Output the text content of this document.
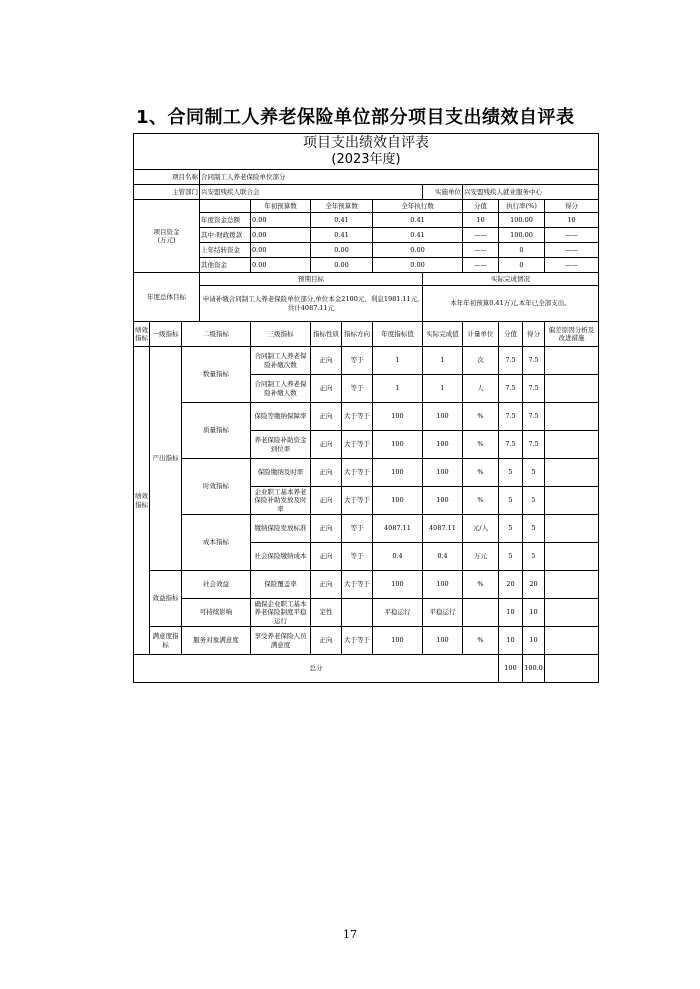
1、合同制工人养老保险单位部分项目支出绩效自评表
项目支出绩效自评表
(2023年度)												

项目名称			合同制工人养老保险单位部分									
主管部门			兴安盟残疾人联合会					实施单位	兴安盟残疾人就业服务中心			
项目资金
(万元)				年初预算数	全年预算数		全年执行数		分值	执行率(%)		得分
			年度资金总额	0.00	0.41		0.41		10	100.00		10
			其中:财政拨款	0.00	0.41		0.41		——	100.00		——
			上年结转资金	0.00	0.00		0.00		——	0		——
			其他资金	0.00	0.00		0.00		——	0		——
年度总体目标			预期目标					实际完成情况				
			申请补缴合同制工人养老保险单位部分,单位本金2100元、利息1981.11元,共计4087.11元					本年年初预算0.41万元,本年已全部支出。				
绩效指标	一级指标	二级指标		三级指标	指标性质	指标方向	年度指标值	实际完成值	计量单位	分值	得分	偏差原因分析及改进措施
绩效指标	产出指标	数量指标		合同制工人养老保险补缴次数	正向	等于	1	1	次	7.5	7.5	
				合同制工人养老保险补缴人数	正向	等于	1	1	人	7.5	7.5	
		质量指标		保险等缴纳保障率	正向	大于等于	100	100	%	7.5	7.5	
				养老保险补助资金到位率	正向	大于等于	100	100	%	7.5	7.5	
		时效指标		保险缴纳及时率	正向	大于等于	100	100	%	5	5	
				企业职工基本养老保险补助发放及时率	正向	大于等于	100	100	%	5	5	
		成本指标		缴纳保险发放标准	正向	等于	4087.11	4087.11	元/人	5	5	
				社会保险缴纳成本	正向	等于	0.4	0.4	万元	5	5	
	效益指标	社会效益		保险覆盖率	正向	大于等于	100	100	%	20	20	
		可持续影响		确保企业职工基本养老保险制度平稳运行	定性		平稳运行	平稳运行		10	10	
	满意度指标	服务对象满意度		享受养老保险人员满意度	正向	大于等于	100	100	%	10	10	
总分										100	100.0	
17
